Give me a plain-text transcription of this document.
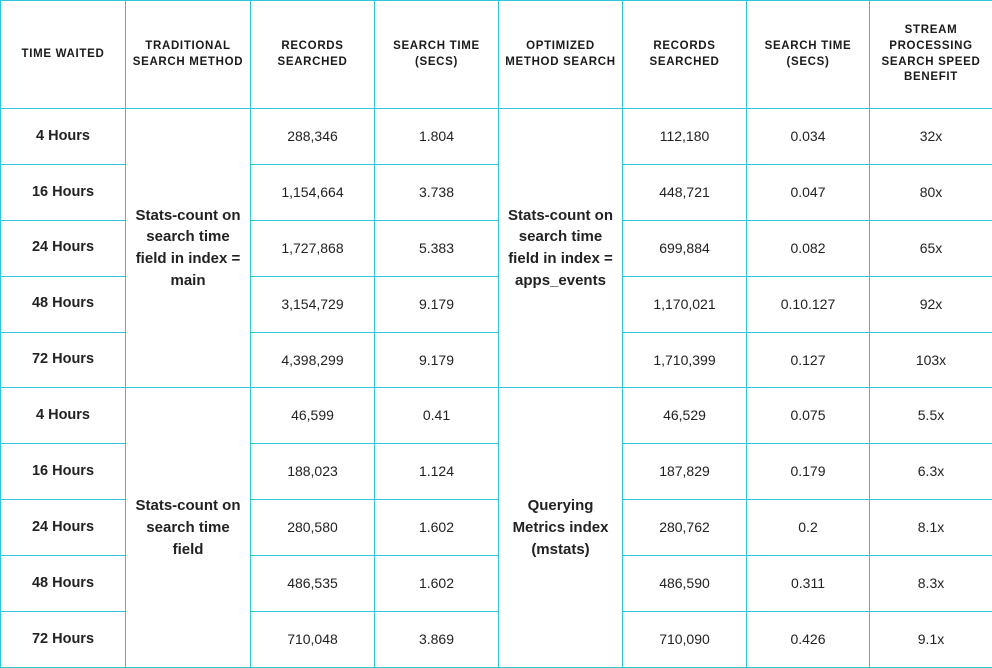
TIME WAITED	TRADITIONAL SEARCH METHOD	RECORDS SEARCHED	SEARCH TIME (SECS)	OPTIMIZED METHOD SEARCH	RECORDS SEARCHED	SEARCH TIME (SECS)	STREAM PROCESSING SEARCH SPEED BENEFIT
4 Hours	Stats-count on search time field in index = main	288,346	1.804	Stats-count on search time field in index = apps_events	112,180	0.034	32x
16 Hours		1,154,664	3.738		448,721	0.047	80x
24 Hours		1,727,868	5.383		699,884	0.082	65x
48 Hours		3,154,729	9.179		1,170,021	0.10.127	92x
72 Hours		4,398,299	9.179		1,710,399	0.127	103x
4 Hours	Stats-count on search time field	46,599	0.41	Querying Metrics index (mstats)	46,529	0.075	5.5x
16 Hours		188,023	1.124		187,829	0.179	6.3x
24 Hours		280,580	1.602		280,762	0.2	8.1x
48 Hours		486,535	1.602		486,590	0.311	8.3x
72 Hours		710,048	3.869		710,090	0.426	9.1x
